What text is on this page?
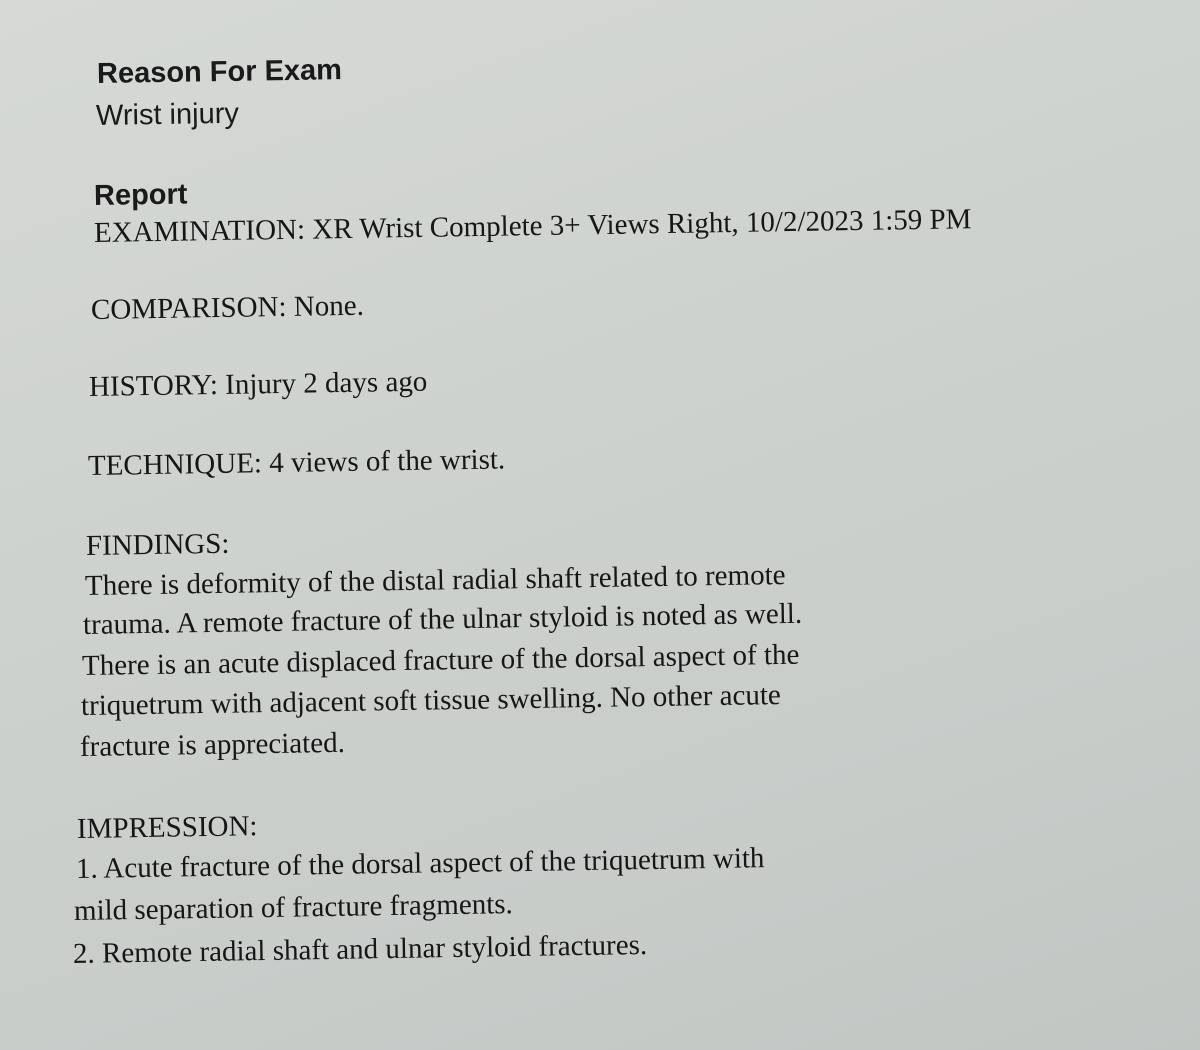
Reason For Exam
Wrist injury
Report
EXAMINATION: XR Wrist Complete 3+ Views Right, 10/2/2023 1:59 PM
COMPARISON: None.
HISTORY: Injury 2 days ago
TECHNIQUE: 4 views of the wrist.
FINDINGS:
There is deformity of the distal radial shaft related to remote
trauma. A remote fracture of the ulnar styloid is noted as well.
There is an acute displaced fracture of the dorsal aspect of the
triquetrum with adjacent soft tissue swelling. No other acute
fracture is appreciated.
IMPRESSION:
1. Acute fracture of the dorsal aspect of the triquetrum with
mild separation of fracture fragments.
2. Remote radial shaft and ulnar styloid fractures.
